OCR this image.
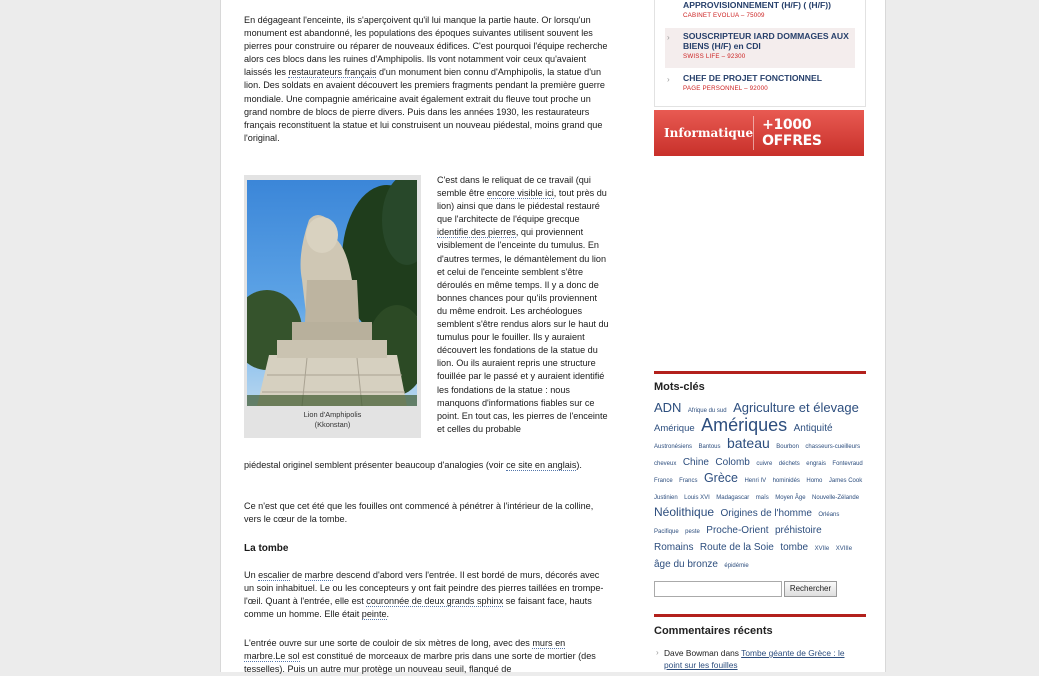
En dégageant l'enceinte, ils s'aperçoivent qu'il lui manque la partie haute. Or lorsqu'un monument est abandonné, les populations des époques suivantes utilisent souvent les pierres pour construire ou réparer de nouveaux édifices. C'est pourquoi l'équipe recherche alors ces blocs dans les ruines d'Amphipolis. Ils vont notamment voir ceux qu'avaient laissés les restaurateurs français d'un monument bien connu d'Amphipolis, la statue d'un lion. Des soldats en avaient découvert les premiers fragments pendant la première guerre mondiale. Une compagnie américaine avait également extrait du fleuve tout proche un grand nombre de blocs de pierre divers. Puis dans les années 1930, les restaurateurs français reconstituent la statue et lui construisent un nouveau piédestal, moins grand que l'original.

Lion d'Amphipolis
(Kkonstan)

C'est dans le reliquat de ce travail (qui semble être encore visible ici, tout près du lion) ainsi que dans le piédestal restauré que l'architecte de l'équipe grecque identifie des pierres, qui proviennent visiblement de l'enceinte du tumulus. En d'autres termes, le démantèlement du lion et celui de l'enceinte semblent s'être déroulés en même temps. Il y a donc de bonnes chances pour qu'ils proviennent du même endroit. Les archéologues semblent s'être rendus alors sur le haut du tumulus pour le fouiller. Ils y auraient découvert les fondations de la statue du lion. Ou ils auraient repris une structure fouillée par le passé et y auraient identifié les fondations de la statue : nous manquons d'informations fiables sur ce point. En tout cas, les pierres de l'enceinte et celles du probable

piédestal originel semblent présenter beaucoup d'analogies (voir ce site en anglais).

Ce n'est que cet été que les fouilles ont commencé à pénétrer à l'intérieur de la colline, vers le cœur de la tombe.

La tombe

Un escalier de marbre descend d'abord vers l'entrée. Il est bordé de murs, décorés avec un soin inhabituel. Le ou les concepteurs y ont fait peindre des pierres taillées en trompe-l'œil. Quant à l'entrée, elle est couronnée de deux grands sphinx se faisant face, hauts comme un homme. Elle était peinte.

L'entrée ouvre sur une sorte de couloir de six mètres de long, avec des murs en marbre.Le sol est constitué de morceaux de marbre pris dans une sorte de mortier (des tesselles). Puis un autre mur protège un nouveau seuil, flanqué de

APPROVISIONNEMENT (H/F) ( (H/F))
CABINET EVOLUA – 75009
› SOUSCRIPTEUR IARD DOMMAGES AUX BIENS (H/F) en CDI
SWISS LIFE – 92300
› CHEF DE PROJET FONCTIONNEL
PAGE PERSONNEL – 92000
Informatique +1000 OFFRES
Mots-clés
ADN Afrique du sud Agriculture et élevage Amérique Amériques Antiquité Austronésiens Bantous bateau Bourbon chasseurs-cueilleurs cheveux Chine Colomb cuivre déchets engrais Fontevraud France Francs Grèce Henri IV hominidés Homo James Cook Justinien Louis XVI Madagascar maïs Moyen Âge Nouvelle-Zélande Néolithique Origines de l'homme Orléans Pacifique peste Proche-Orient préhistoire Romains Route de la Soie tombe XVIIe XVIIIe âge du bronze épidémie
Rechercher
Commentaires récents
› Dave Bowman dans Tombe géante de Grèce : le point sur les fouilles
